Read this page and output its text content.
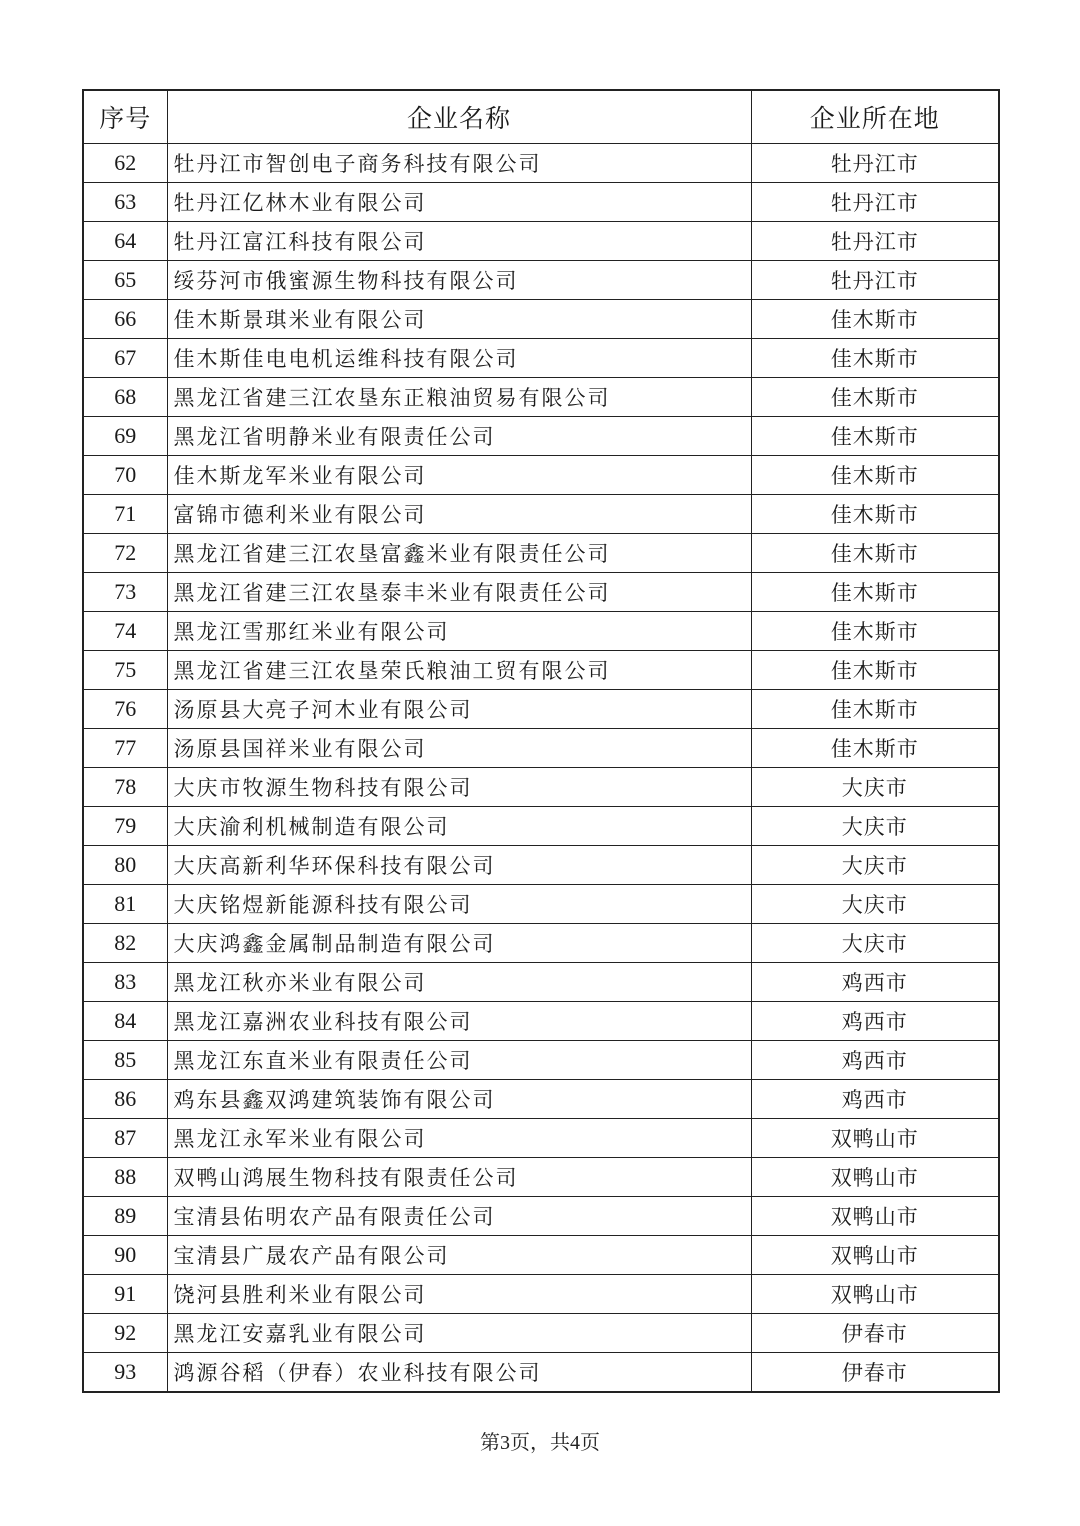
序号	企业名称	企业所在地
62	牡丹江市智创电子商务科技有限公司	牡丹江市
63	牡丹江亿林木业有限公司	牡丹江市
64	牡丹江富江科技有限公司	牡丹江市
65	绥芬河市俄蜜源生物科技有限公司	牡丹江市
66	佳木斯景琪米业有限公司	佳木斯市
67	佳木斯佳电电机运维科技有限公司	佳木斯市
68	黑龙江省建三江农垦东正粮油贸易有限公司	佳木斯市
69	黑龙江省明静米业有限责任公司	佳木斯市
70	佳木斯龙军米业有限公司	佳木斯市
71	富锦市德利米业有限公司	佳木斯市
72	黑龙江省建三江农垦富鑫米业有限责任公司	佳木斯市
73	黑龙江省建三江农垦泰丰米业有限责任公司	佳木斯市
74	黑龙江雪那红米业有限公司	佳木斯市
75	黑龙江省建三江农垦荣氏粮油工贸有限公司	佳木斯市
76	汤原县大亮子河木业有限公司	佳木斯市
77	汤原县国祥米业有限公司	佳木斯市
78	大庆市牧源生物科技有限公司	大庆市
79	大庆渝利机械制造有限公司	大庆市
80	大庆高新利华环保科技有限公司	大庆市
81	大庆铭煜新能源科技有限公司	大庆市
82	大庆鸿鑫金属制品制造有限公司	大庆市
83	黑龙江秋亦米业有限公司	鸡西市
84	黑龙江嘉洲农业科技有限公司	鸡西市
85	黑龙江东直米业有限责任公司	鸡西市
86	鸡东县鑫双鸿建筑装饰有限公司	鸡西市
87	黑龙江永军米业有限公司	双鸭山市
88	双鸭山鸿展生物科技有限责任公司	双鸭山市
89	宝清县佑明农产品有限责任公司	双鸭山市
90	宝清县广晟农产品有限公司	双鸭山市
91	饶河县胜利米业有限公司	双鸭山市
92	黑龙江安嘉乳业有限公司	伊春市
93	鸿源谷稻（伊春）农业科技有限公司	伊春市
第3页，共4页
